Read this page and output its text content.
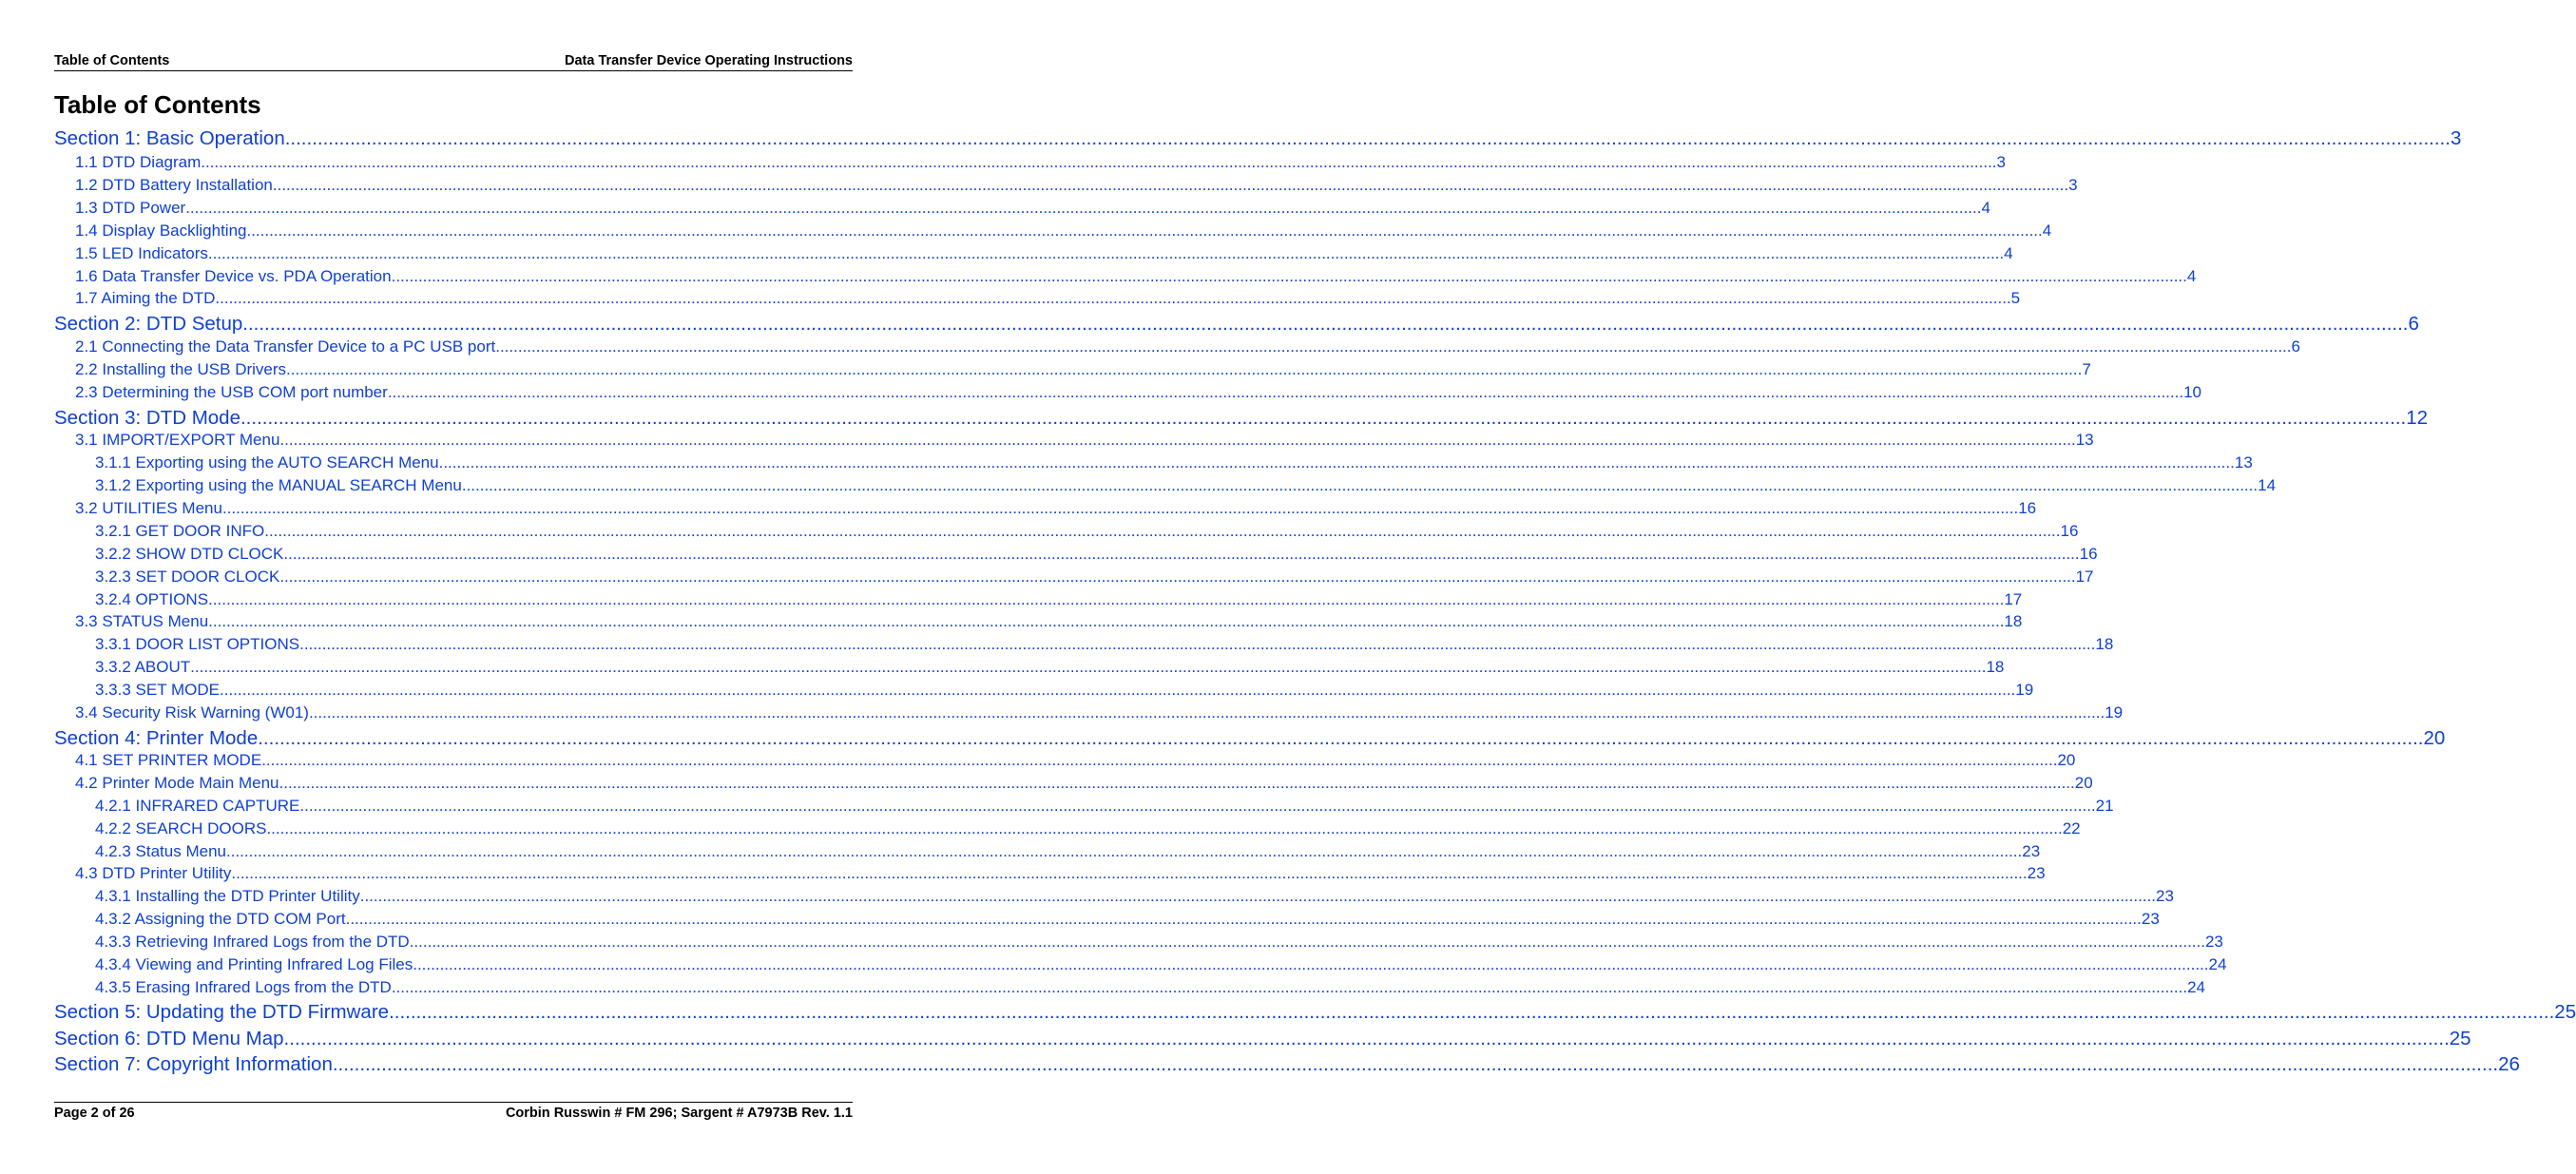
Table of Contents	Data Transfer Device Operating Instructions
Table of Contents
Section 1: Basic Operation ................................................................................................................................................................................................................................................................................................................................................................................................................ 3
1.1 DTD Diagram ................................................................................................................................................................................................................................................................................................................................................................................................................ 3
1.2 DTD Battery Installation ................................................................................................................................................................................................................................................................................................................................................................................................................ 3
1.3 DTD Power ................................................................................................................................................................................................................................................................................................................................................................................................................ 4
1.4 Display Backlighting ................................................................................................................................................................................................................................................................................................................................................................................................................ 4
1.5 LED Indicators ................................................................................................................................................................................................................................................................................................................................................................................................................ 4
1.6 Data Transfer Device vs. PDA Operation ................................................................................................................................................................................................................................................................................................................................................................................................................ 4
1.7 Aiming the DTD ................................................................................................................................................................................................................................................................................................................................................................................................................ 5
Section 2: DTD Setup ................................................................................................................................................................................................................................................................................................................................................................................................................ 6
2.1 Connecting the Data Transfer Device to a PC USB port ................................................................................................................................................................................................................................................................................................................................................................................................................ 6
2.2 Installing the USB Drivers ................................................................................................................................................................................................................................................................................................................................................................................................................ 7
2.3 Determining the USB COM port number ................................................................................................................................................................................................................................................................................................................................................................................................................ 10
Section 3: DTD Mode ................................................................................................................................................................................................................................................................................................................................................................................................................ 12
3.1 IMPORT/EXPORT Menu ................................................................................................................................................................................................................................................................................................................................................................................................................ 13
3.1.1 Exporting using the AUTO SEARCH Menu ................................................................................................................................................................................................................................................................................................................................................................................................................ 13
3.1.2 Exporting using the MANUAL SEARCH Menu ................................................................................................................................................................................................................................................................................................................................................................................................................ 14
3.2 UTILITIES Menu ................................................................................................................................................................................................................................................................................................................................................................................................................ 16
3.2.1 GET DOOR INFO ................................................................................................................................................................................................................................................................................................................................................................................................................ 16
3.2.2 SHOW DTD CLOCK ................................................................................................................................................................................................................................................................................................................................................................................................................ 16
3.2.3 SET DOOR CLOCK ................................................................................................................................................................................................................................................................................................................................................................................................................ 17
3.2.4 OPTIONS ................................................................................................................................................................................................................................................................................................................................................................................................................ 17
3.3 STATUS Menu ................................................................................................................................................................................................................................................................................................................................................................................................................ 18
3.3.1 DOOR LIST OPTIONS ................................................................................................................................................................................................................................................................................................................................................................................................................ 18
3.3.2 ABOUT ................................................................................................................................................................................................................................................................................................................................................................................................................ 18
3.3.3 SET MODE ................................................................................................................................................................................................................................................................................................................................................................................................................ 19
3.4 Security Risk Warning (W01) ................................................................................................................................................................................................................................................................................................................................................................................................................ 19
Section 4: Printer Mode ................................................................................................................................................................................................................................................................................................................................................................................................................ 20
4.1 SET PRINTER MODE ................................................................................................................................................................................................................................................................................................................................................................................................................ 20
4.2 Printer Mode Main Menu ................................................................................................................................................................................................................................................................................................................................................................................................................ 20
4.2.1 INFRARED CAPTURE ................................................................................................................................................................................................................................................................................................................................................................................................................ 21
4.2.2 SEARCH DOORS ................................................................................................................................................................................................................................................................................................................................................................................................................ 22
4.2.3 Status Menu ................................................................................................................................................................................................................................................................................................................................................................................................................ 23
4.3 DTD Printer Utility ................................................................................................................................................................................................................................................................................................................................................................................................................ 23
4.3.1 Installing the DTD Printer Utility ................................................................................................................................................................................................................................................................................................................................................................................................................ 23
4.3.2 Assigning the DTD COM Port ................................................................................................................................................................................................................................................................................................................................................................................................................ 23
4.3.3 Retrieving Infrared Logs from the DTD ................................................................................................................................................................................................................................................................................................................................................................................................................ 23
4.3.4 Viewing and Printing Infrared Log Files ................................................................................................................................................................................................................................................................................................................................................................................................................ 24
4.3.5 Erasing Infrared Logs from the DTD ................................................................................................................................................................................................................................................................................................................................................................................................................ 24
Section 5: Updating the DTD Firmware ................................................................................................................................................................................................................................................................................................................................................................................................................ 25
Section 6: DTD Menu Map ................................................................................................................................................................................................................................................................................................................................................................................................................ 25
Section 7: Copyright Information ................................................................................................................................................................................................................................................................................................................................................................................................................ 26
Page 2 of 26	Corbin Russwin # FM 296; Sargent # A7973B Rev. 1.1
